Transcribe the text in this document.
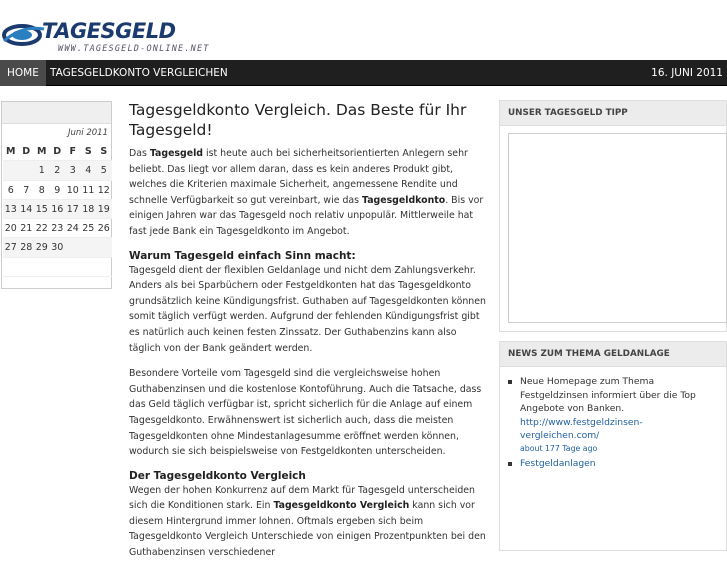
TAGESGELD
WWW.TAGESGELD-ONLINE.NET
HOME	TAGESGELDKONTO VERGLEICHEN	16. JUNI 2011
Juni 2011
M D M D F S S
1 2 3 4 5
6 7 8 9 10 11 12
13 14 15 16 17 18 19
20 21 22 23 24 25 26
27 28 29 30
Tagesgeldkonto Vergleich. Das Beste für Ihr Tagesgeld!

Das Tagesgeld ist heute auch bei sicherheitsorientierten Anlegern sehr beliebt. Das liegt vor allem daran, dass es kein anderes Produkt gibt, welches die Kriterien maximale Sicherheit, angemessene Rendite und schnelle Verfügbarkeit so gut vereinbart, wie das Tagesgeldkonto. Bis vor einigen Jahren war das Tagesgeld noch relativ unpopulär. Mittlerweile hat fast jede Bank ein Tagesgeldkonto im Angebot.

Warum Tagesgeld einfach Sinn macht:

Tagesgeld dient der flexiblen Geldanlage und nicht dem Zahlungsverkehr. Anders als bei Sparbüchern oder Festgeldkonten hat das Tagesgeldkonto grundsätzlich keine Kündigungsfrist. Guthaben auf Tagesgeldkonten können somit täglich verfügt werden. Aufgrund der fehlenden Kündigungsfrist gibt es natürlich auch keinen festen Zinssatz. Der Guthabenzins kann also täglich von der Bank geändert werden.

Besondere Vorteile vom Tagesgeld sind die vergleichsweise hohen Guthabenzinsen und die kostenlose Kontoführung. Auch die Tatsache, dass das Geld täglich verfügbar ist, spricht sicherlich für die Anlage auf einem Tagesgeldkonto. Erwähnenswert ist sicherlich auch, dass die meisten Tagesgeldkonten ohne Mindestanlagesumme eröffnet werden können, wodurch sie sich beispielsweise von Festgeldkonten unterscheiden.

Der Tagesgeldkonto Vergleich

Wegen der hohen Konkurrenz auf dem Markt für Tagesgeld unterscheiden sich die Konditionen stark. Ein Tagesgeldkonto Vergleich kann sich vor diesem Hintergrund immer lohnen. Oftmals ergeben sich beim Tagesgeldkonto Vergleich Unterschiede von einigen Prozentpunkten bei den Guthabenzinsen verschiedener

UNSER TAGESGELD TIPP
NEWS ZUM THEMA GELDANLAGE
Neue Homepage zum Thema Festgeldzinsen informiert über die Top Angebote von Banken. http://www.festgeldzinsen-vergleichen.com/
about 177 Tage ago
Festgeldanlagen
